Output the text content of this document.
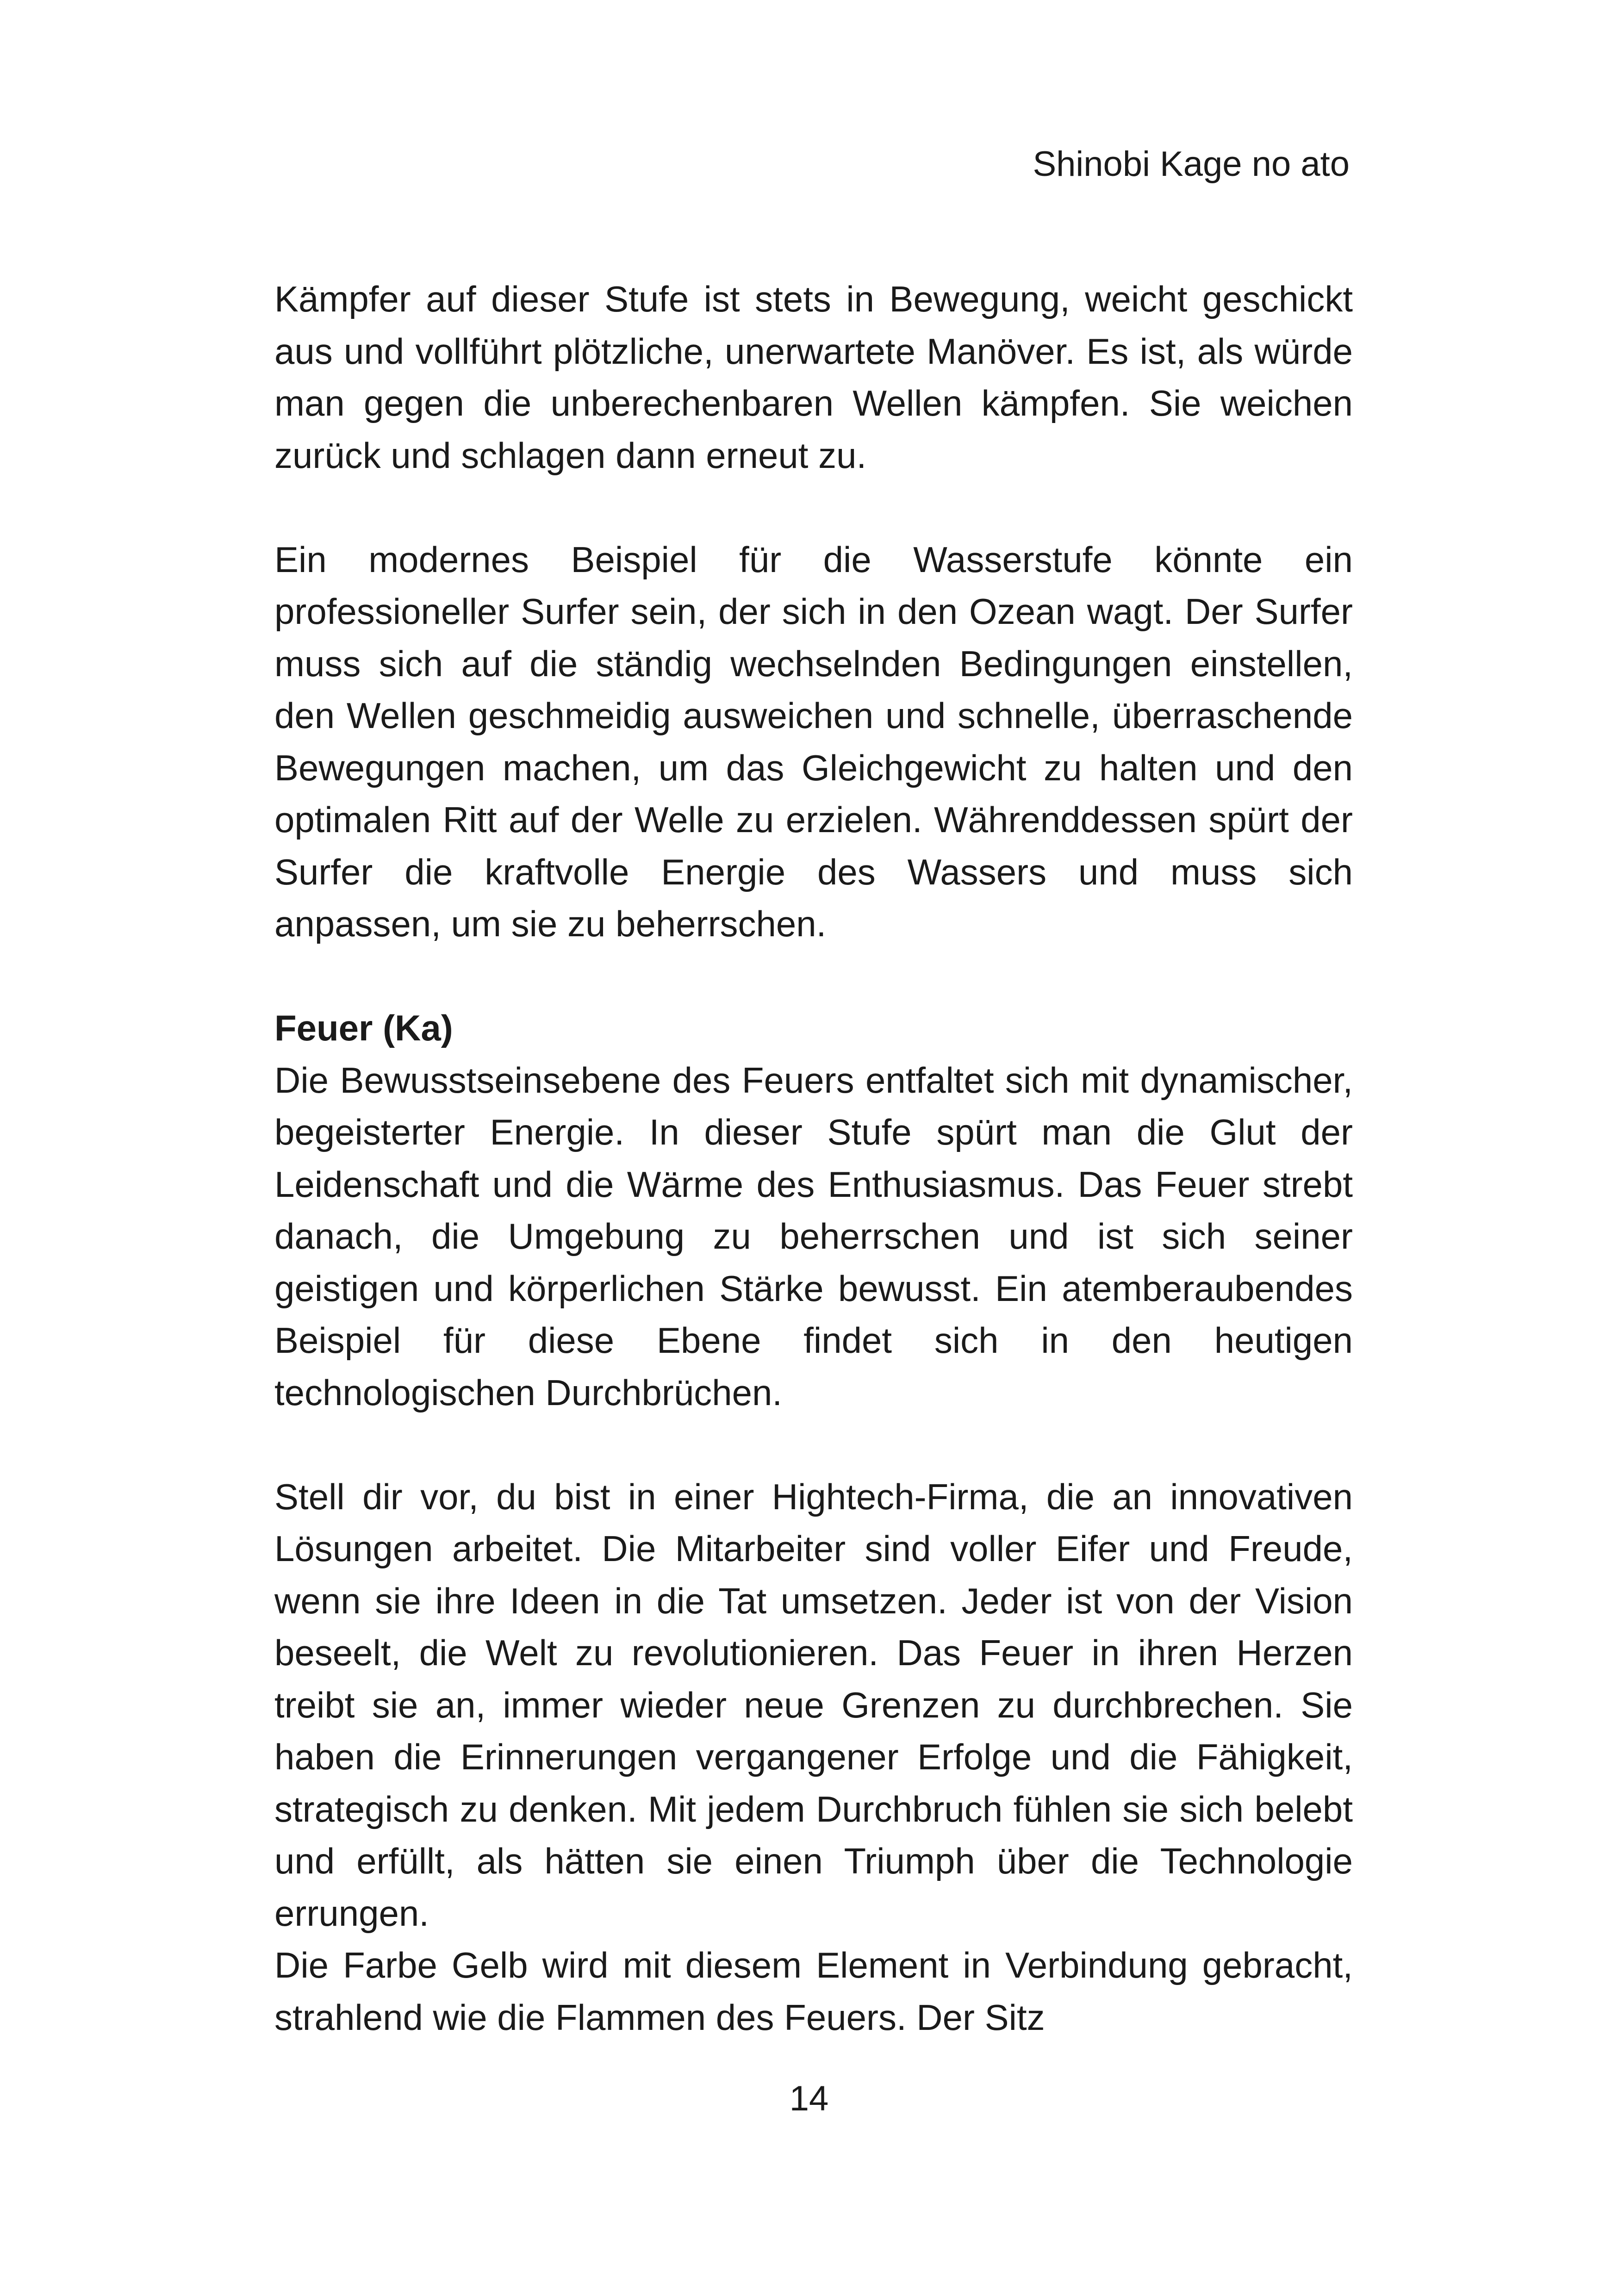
Shinobi Kage no ato

Kämpfer auf dieser Stufe ist stets in Bewegung, weicht geschickt aus und vollführt plötzliche, unerwartete Manöver. Es ist, als würde man gegen die unberechenbaren Wellen kämpfen. Sie weichen zurück und schlagen dann erneut zu.

Ein modernes Beispiel für die Wasserstufe könnte ein professioneller Surfer sein, der sich in den Ozean wagt. Der Surfer muss sich auf die ständig wechselnden Bedingungen einstellen, den Wellen geschmeidig ausweichen und schnelle, überraschende Bewegungen machen, um das Gleichgewicht zu halten und den optimalen Ritt auf der Welle zu erzielen. Währenddessen spürt der Surfer die kraftvolle Energie des Wassers und muss sich anpassen, um sie zu beherrschen.

Feuer (Ka)

Die Bewusstseinsebene des Feuers entfaltet sich mit dynamischer, begeisterter Energie. In dieser Stufe spürt man die Glut der Leidenschaft und die Wärme des Enthusiasmus. Das Feuer strebt danach, die Umgebung zu beherrschen und ist sich seiner geistigen und körperlichen Stärke bewusst. Ein atemberaubendes Beispiel für diese Ebene findet sich in den heutigen technologischen Durchbrüchen.

Stell dir vor, du bist in einer Hightech-Firma, die an innovativen Lösungen arbeitet. Die Mitarbeiter sind voller Eifer und Freude, wenn sie ihre Ideen in die Tat umsetzen. Jeder ist von der Vision beseelt, die Welt zu revolutionieren. Das Feuer in ihren Herzen treibt sie an, immer wieder neue Grenzen zu durchbrechen. Sie haben die Erinnerungen vergangener Erfolge und die Fähigkeit, strategisch zu denken. Mit jedem Durchbruch fühlen sie sich belebt und erfüllt, als hätten sie einen Triumph über die Technologie errungen.

Die Farbe Gelb wird mit diesem Element in Verbindung gebracht, strahlend wie die Flammen des Feuers. Der Sitz

14
